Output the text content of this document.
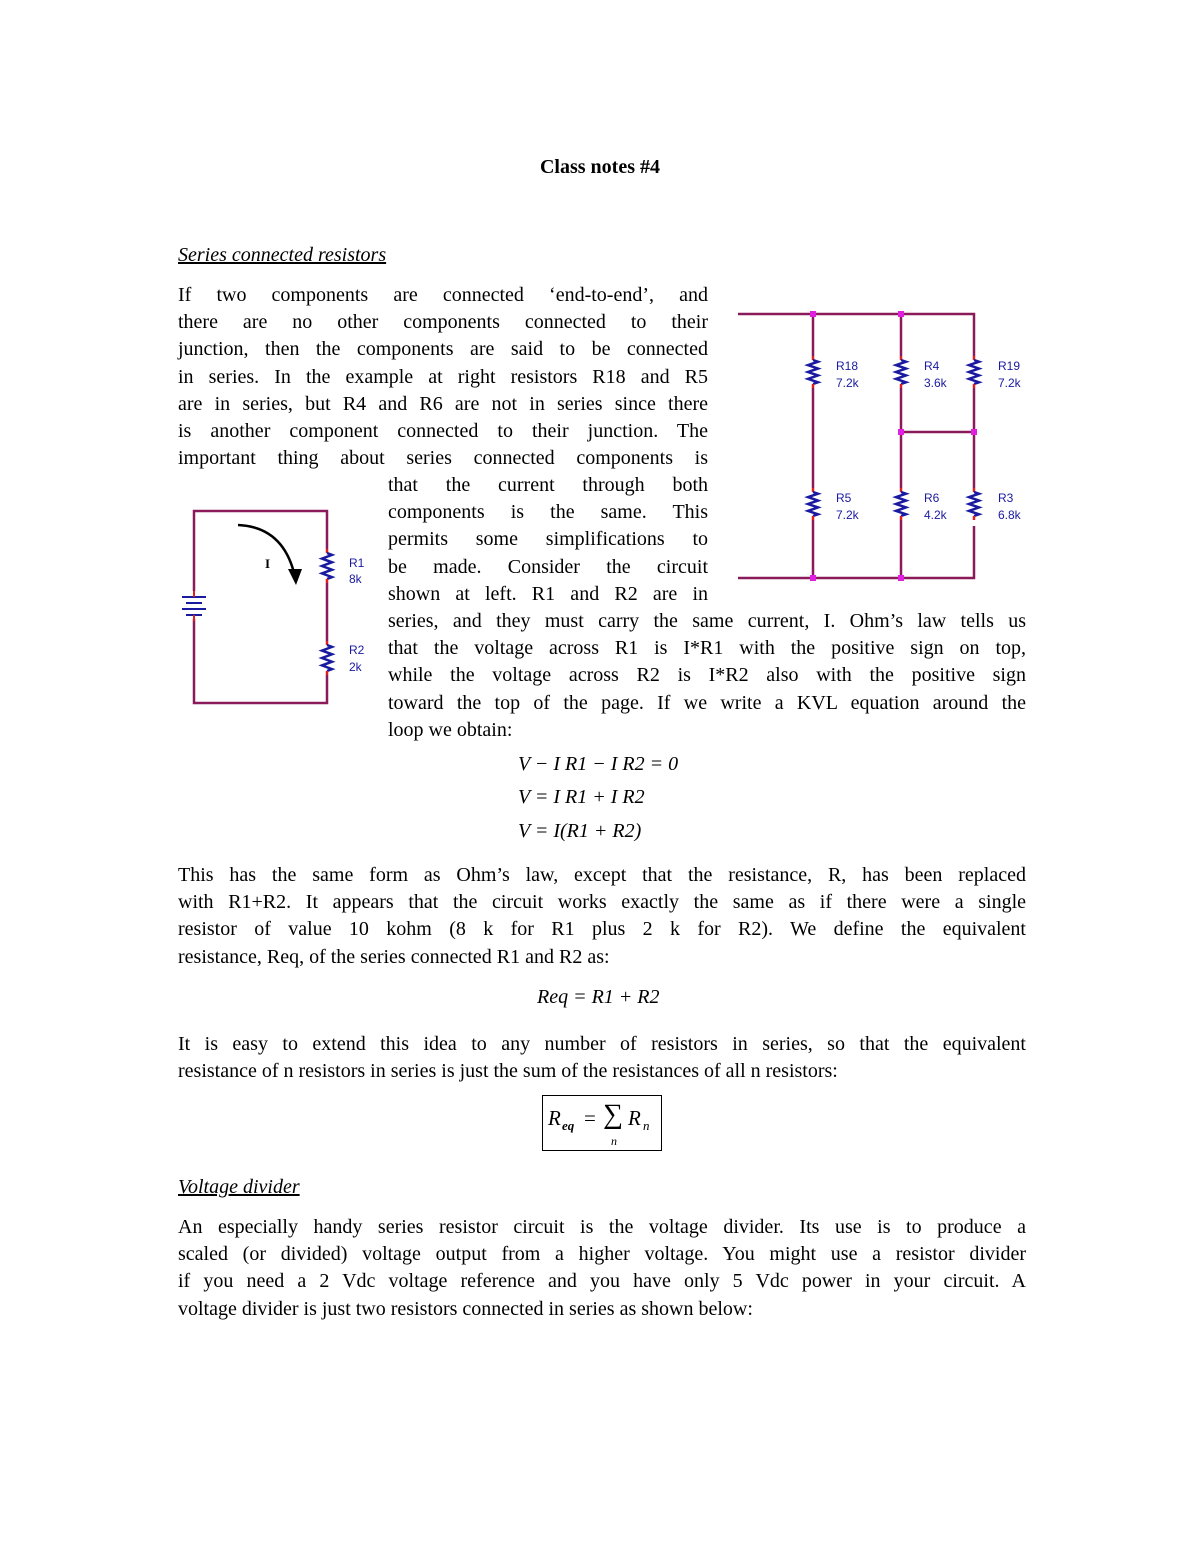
Class notes #4
Series connected resistors
If two components are connected ‘end-to-end’, and
there are no other components connected to their
junction, then the components are said to be connected
in series. In the example at right resistors R18 and R5
are in series, but R4 and R6 are not in series since there
is another component connected to their junction. The
important thing about series connected components is
that the current through both
components is the same. This
permits some simplifications to
be made. Consider the circuit
shown at left. R1 and R2 are in
series, and they must carry the same current, I. Ohm’s law tells us
that the voltage across R1 is I*R1 with the positive sign on top,
while the voltage across R2 is I*R2 also with the positive sign
toward the top of the page. If we write a KVL equation around the
loop we obtain:
V − I R1 − I R2 = 0
V = I R1 + I R2
V = I(R1 + R2)
This has the same form as Ohm’s law, except that the resistance, R, has been replaced
with R1+R2. It appears that the circuit works exactly the same as if there were a single
resistor of value 10 kohm (8 k for R1 plus 2 k for R2). We define the equivalent
resistance, Req, of the series connected R1 and R2 as:
Req = R1 + R2
It is easy to extend this idea to any number of resistors in series, so that the equivalent
resistance of n resistors in series is just the sum of the resistances of all n resistors:
R eq = ∑
n
R n
Voltage divider
An especially handy series resistor circuit is the voltage divider. Its use is to produce a
scaled (or divided) voltage output from a higher voltage. You might use a resistor divider
if you need a 2 Vdc voltage reference and you have only 5 Vdc power in your circuit. A
voltage divider is just two resistors connected in series as shown below:
R18
7.2k
R4
3.6k
R19
7.2k
R5
7.2k
R6
4.2k
R3
6.8k
I	R1
8k
R2
2k
